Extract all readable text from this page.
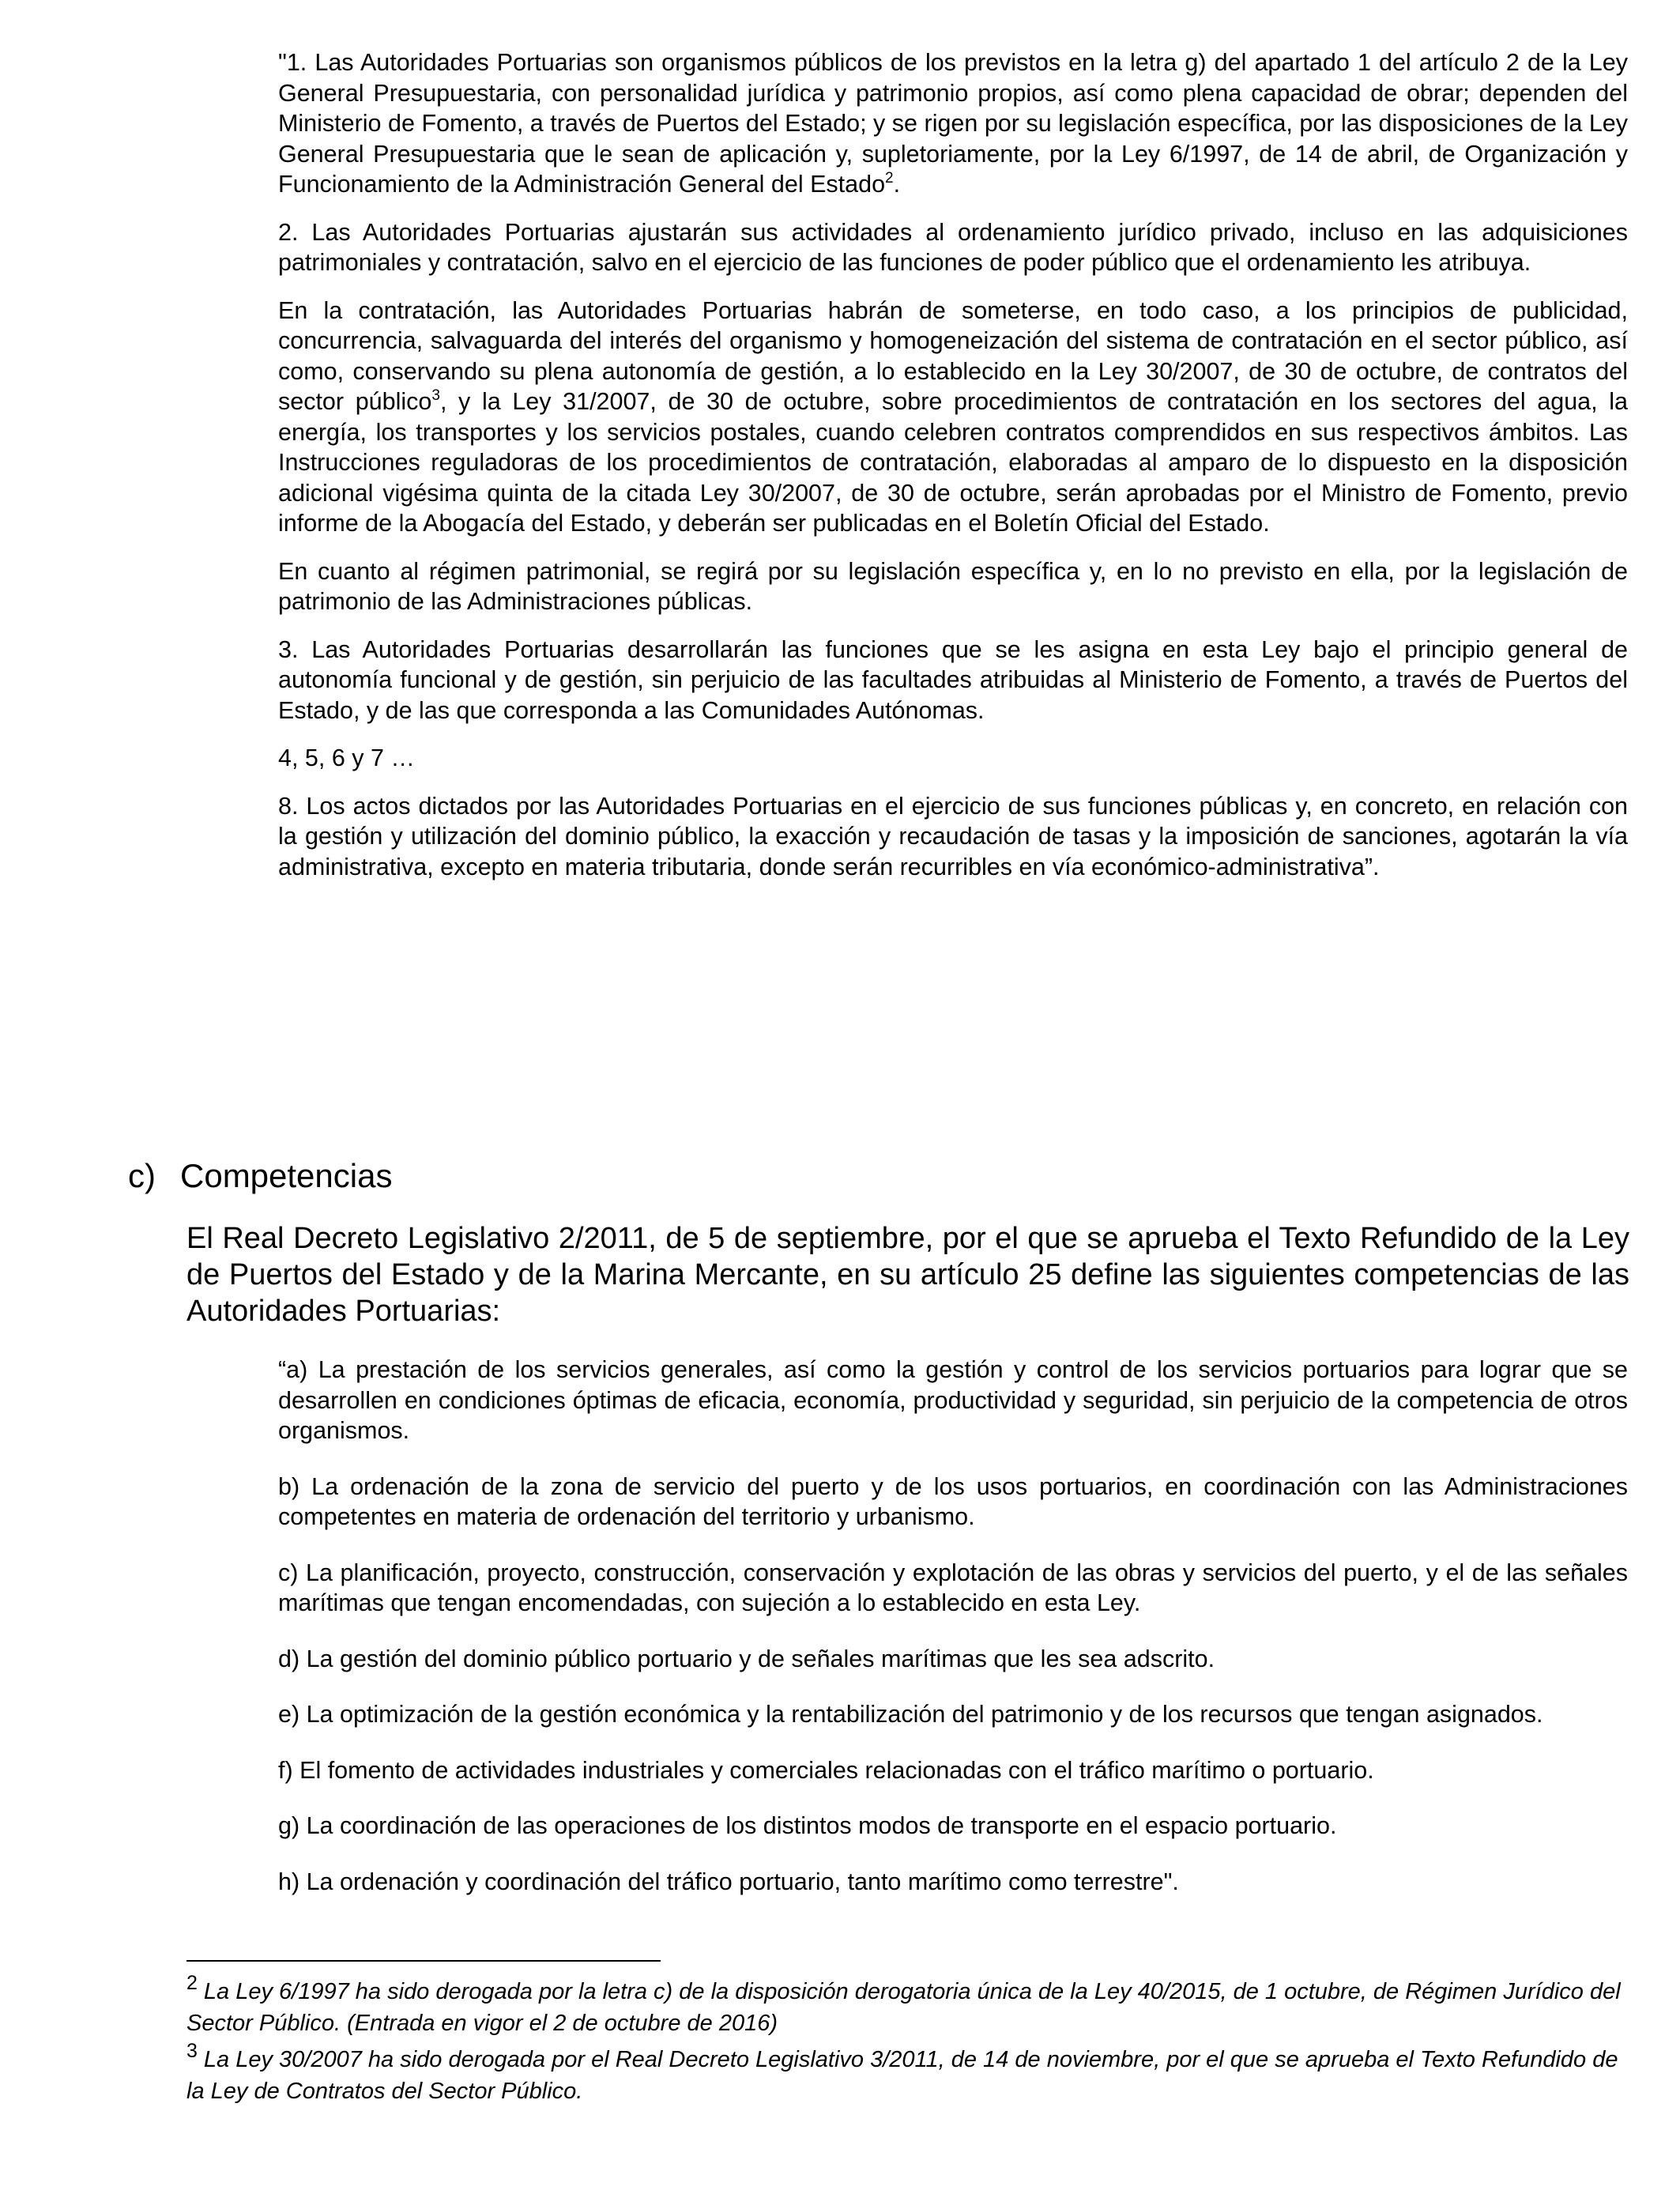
"1. Las Autoridades Portuarias son organismos públicos de los previstos en la letra g) del apartado 1 del artículo 2 de la Ley General Presupuestaria, con personalidad jurídica y patrimonio propios, así como plena capacidad de obrar; dependen del Ministerio de Fomento, a través de Puertos del Estado; y se rigen por su legislación específica, por las disposiciones de la Ley General Presupuestaria que le sean de aplicación y, supletoriamente, por la Ley 6/1997, de 14 de abril, de Organización y Funcionamiento de la Administración General del Estado$^2$.

2. Las Autoridades Portuarias ajustarán sus actividades al ordenamiento jurídico privado, incluso en las adquisiciones patrimoniales y contratación, salvo en el ejercicio de las funciones de poder público que el ordenamiento les atribuya.

En la contratación, las Autoridades Portuarias habrán de someterse, en todo caso, a los principios de publicidad, concurrencia, salvaguarda del interés del organismo y homogeneización del sistema de contratación en el sector público, así como, conservando su plena autonomía de gestión, a lo establecido en la Ley 30/2007, de 30 de octubre, de contratos del sector público$^3$, y la Ley 31/2007, de 30 de octubre, sobre procedimientos de contratación en los sectores del agua, la energía, los transportes y los servicios postales, cuando celebren contratos comprendidos en sus respectivos ámbitos. Las Instrucciones reguladoras de los procedimientos de contratación, elaboradas al amparo de lo dispuesto en la disposición adicional vigésima quinta de la citada Ley 30/2007, de 30 de octubre, serán aprobadas por el Ministro de Fomento, previo informe de la Abogacía del Estado, y deberán ser publicadas en el Boletín Oficial del Estado.

En cuanto al régimen patrimonial, se regirá por su legislación específica y, en lo no previsto en ella, por la legislación de patrimonio de las Administraciones públicas.

3. Las Autoridades Portuarias desarrollarán las funciones que se les asigna en esta Ley bajo el principio general de autonomía funcional y de gestión, sin perjuicio de las facultades atribuidas al Ministerio de Fomento, a través de Puertos del Estado, y de las que corresponda a las Comunidades Autónomas.

4, 5, 6 y 7 …

8. Los actos dictados por las Autoridades Portuarias en el ejercicio de sus funciones públicas y, en concreto, en relación con la gestión y utilización del dominio público, la exacción y recaudación de tasas y la imposición de sanciones, agotarán la vía administrativa, excepto en materia tributaria, donde serán recurribles en vía económico-administrativa”.

c) Competencias

El Real Decreto Legislativo 2/2011, de 5 de septiembre, por el que se aprueba el Texto Refundido de la Ley de Puertos del Estado y de la Marina Mercante, en su artículo 25 define las siguientes competencias de las Autoridades Portuarias:

“a) La prestación de los servicios generales, así como la gestión y control de los servicios portuarios para lograr que se desarrollen en condiciones óptimas de eficacia, economía, productividad y seguridad, sin perjuicio de la competencia de otros organismos.

b) La ordenación de la zona de servicio del puerto y de los usos portuarios, en coordinación con las Administraciones competentes en materia de ordenación del territorio y urbanismo.

c) La planificación, proyecto, construcción, conservación y explotación de las obras y servicios del puerto, y el de las señales marítimas que tengan encomendadas, con sujeción a lo establecido en esta Ley.

d) La gestión del dominio público portuario y de señales marítimas que les sea adscrito.

e) La optimización de la gestión económica y la rentabilización del patrimonio y de los recursos que tengan asignados.

f) El fomento de actividades industriales y comerciales relacionadas con el tráfico marítimo o portuario.

g) La coordinación de las operaciones de los distintos modos de transporte en el espacio portuario.

h) La ordenación y coordinación del tráfico portuario, tanto marítimo como terrestre".

2 La Ley 6/1997 ha sido derogada por la letra c) de la disposición derogatoria única de la Ley 40/2015, de 1 octubre, de Régimen Jurídico del Sector Público. (Entrada en vigor el 2 de octubre de 2016)

3 La Ley 30/2007 ha sido derogada por el Real Decreto Legislativo 3/2011, de 14 de noviembre, por el que se aprueba el Texto Refundido de la Ley de Contratos del Sector Público.
